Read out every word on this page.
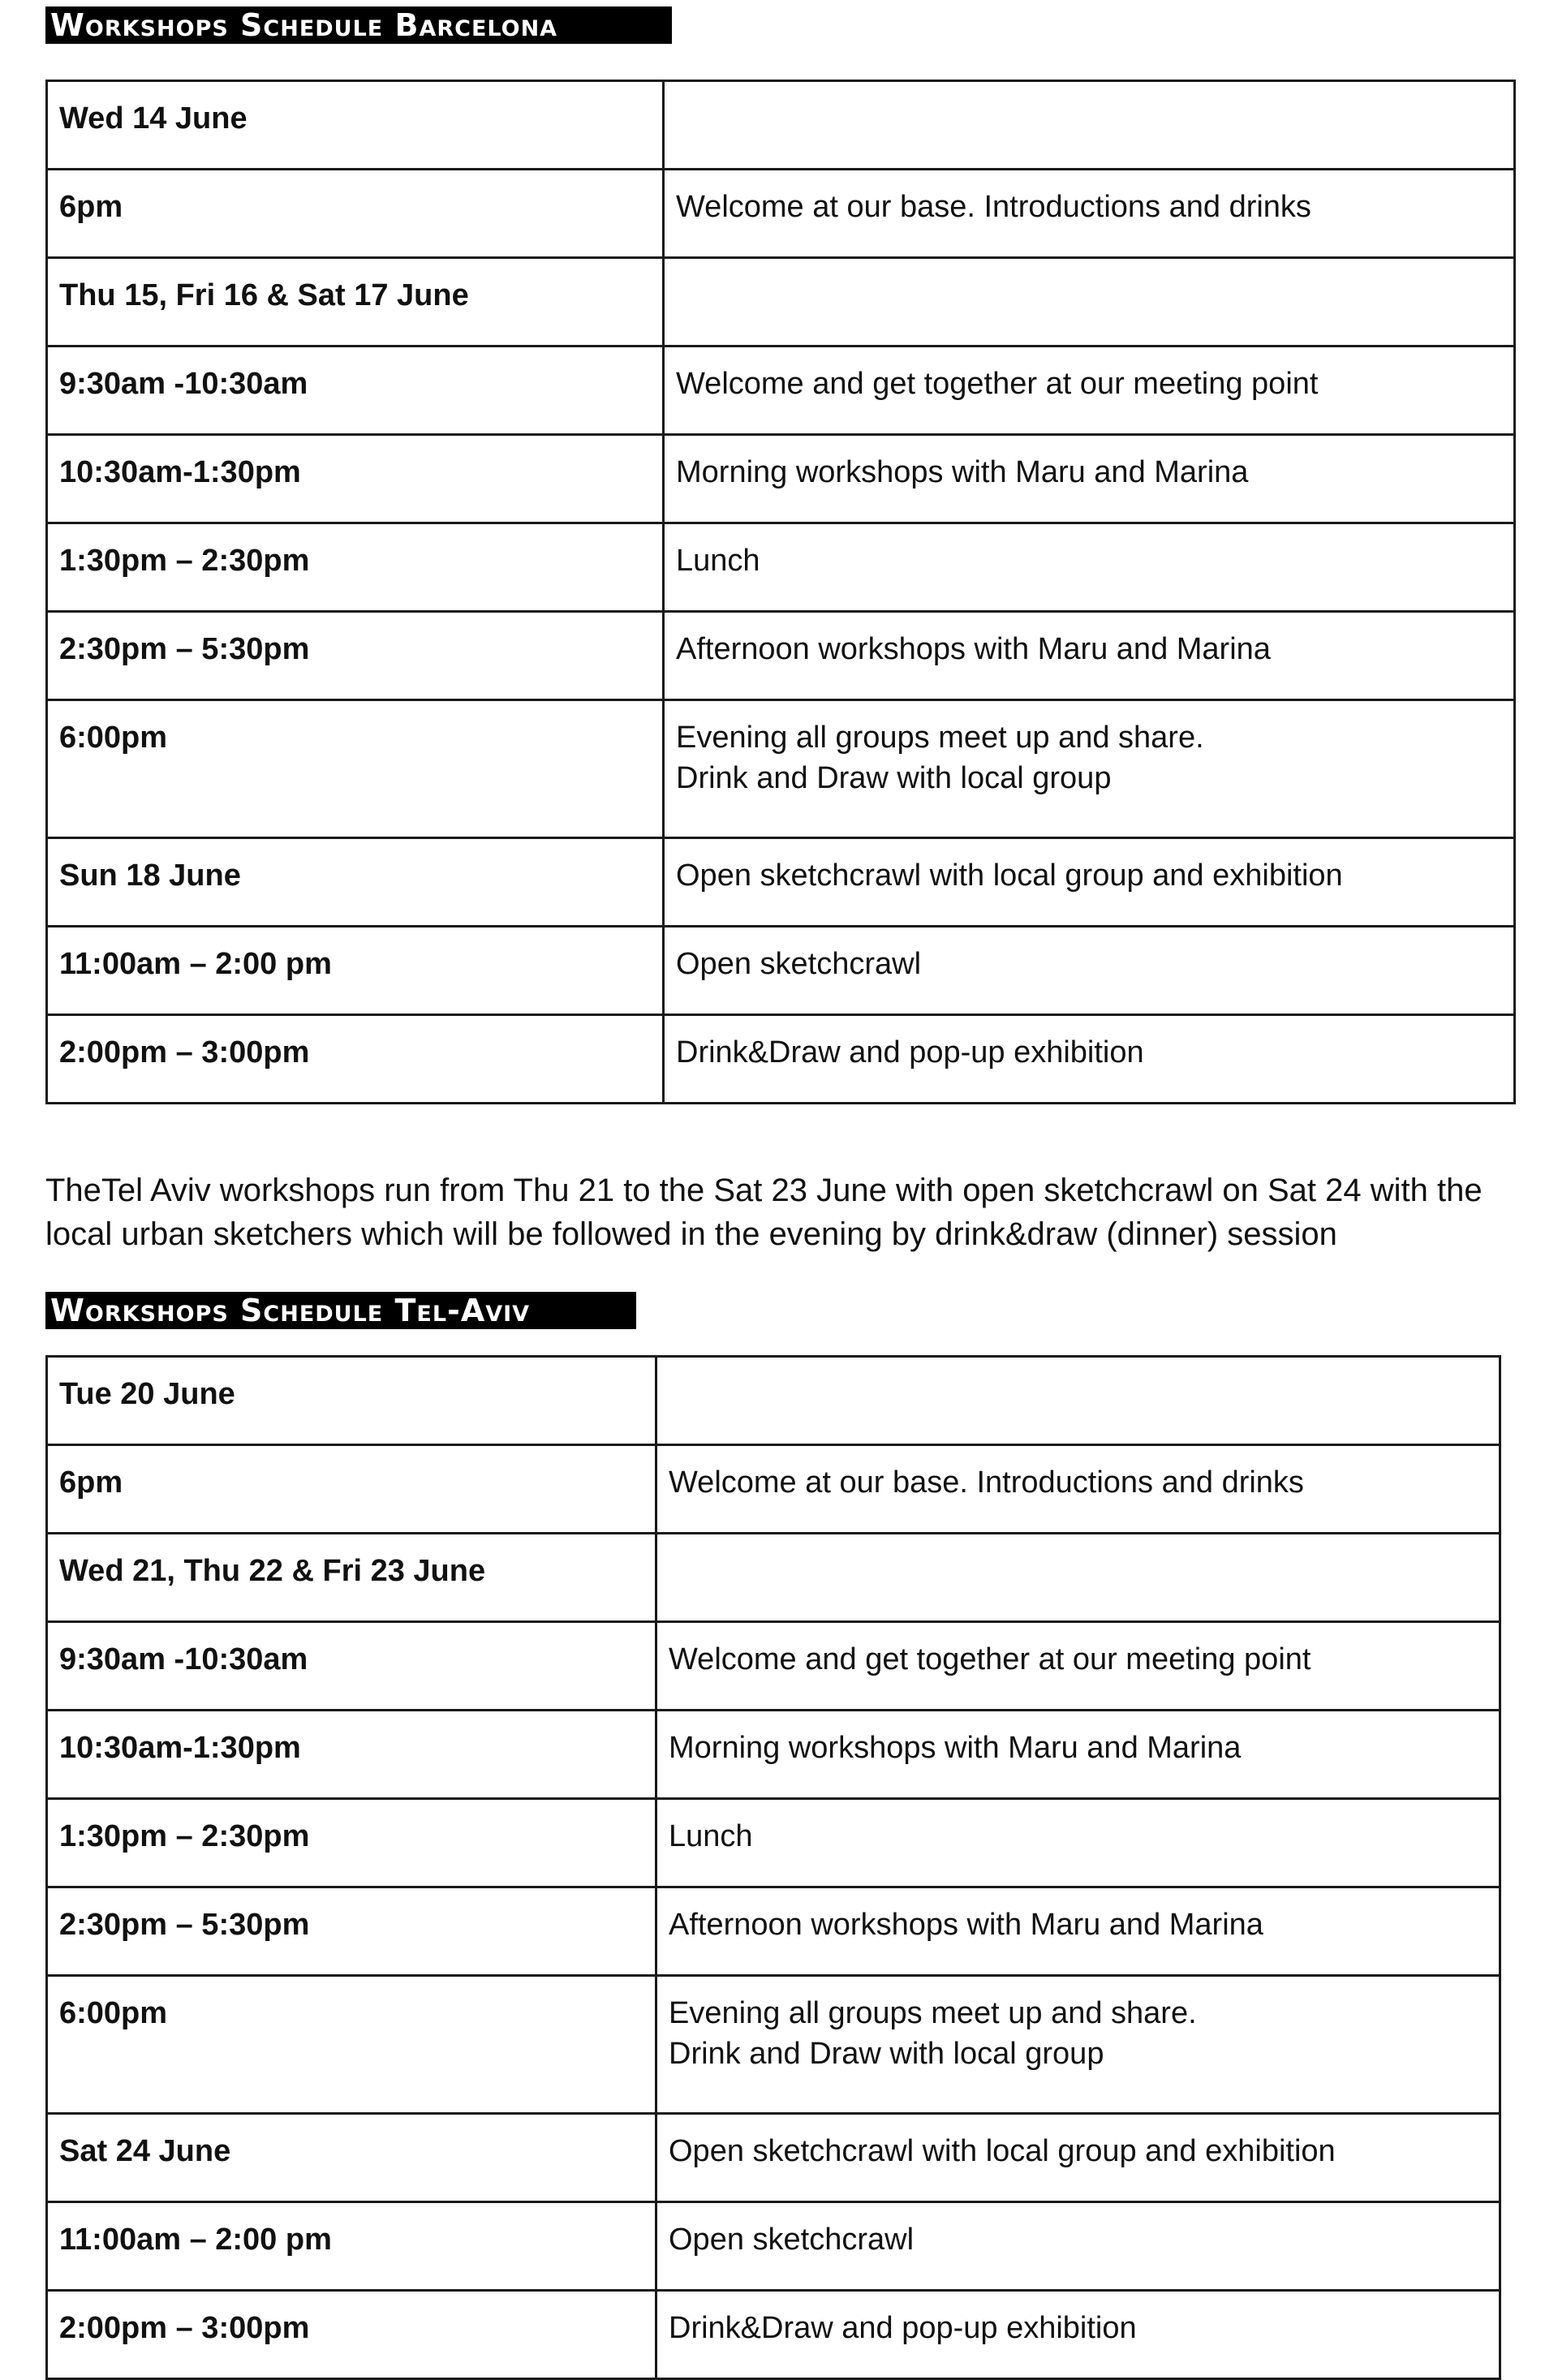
Workshops Schedule Barcelona
Wed 14 June	
6pm	Welcome at our base. Introductions and drinks

Thu 15, Fri 16 & Sat 17 June	
9:30am -10:30am	Welcome and get together at our meeting point

10:30am-1:30pm	Morning workshops with Maru and Marina

1:30pm – 2:30pm	Lunch

2:30pm – 5:30pm	Afternoon workshops with Maru and Marina

6:00pm	Evening all groups meet up and share.
Drink and Draw with local group

Sun 18 June	Open sketchcrawl with local group and exhibition

11:00am – 2:00 pm	Open sketchcrawl

2:00pm – 3:00pm	Drink&Draw and pop-up exhibition
TheTel Aviv workshops run from Thu 21 to the Sat 23 June with open sketchcrawl on Sat 24 with the local urban sketchers which will be followed in the evening by drink&draw (dinner) session
Workshops Schedule Tel-Aviv
Tue 20 June	
6pm	Welcome at our base. Introductions and drinks

Wed 21, Thu 22 & Fri 23 June	
9:30am -10:30am	Welcome and get together at our meeting point

10:30am-1:30pm	Morning workshops with Maru and Marina

1:30pm – 2:30pm	Lunch

2:30pm – 5:30pm	Afternoon workshops with Maru and Marina

6:00pm	Evening all groups meet up and share.
Drink and Draw with local group

Sat 24 June	Open sketchcrawl with local group and exhibition

11:00am – 2:00 pm	Open sketchcrawl

2:00pm – 3:00pm	Drink&Draw and pop-up exhibition
